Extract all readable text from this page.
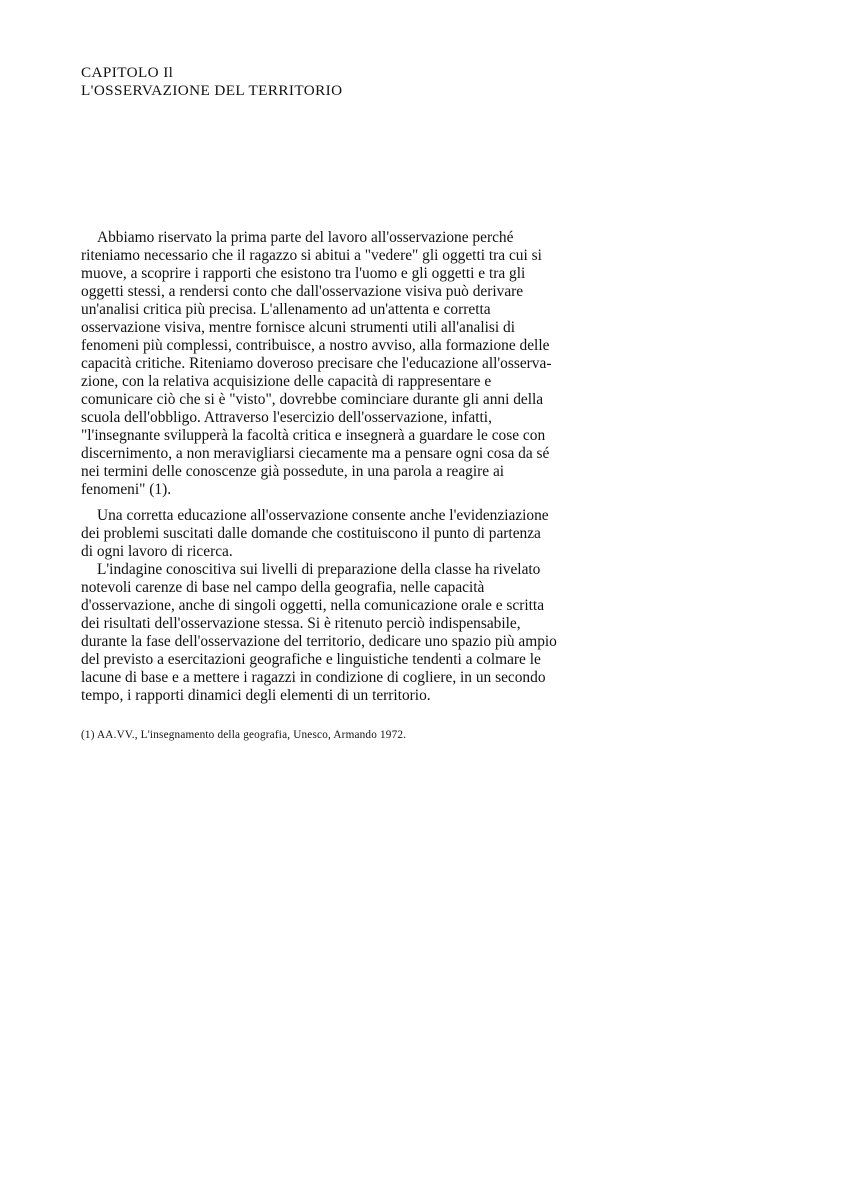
CAPITOLO Il
L'OSSERVAZIONE DEL TERRITORIO
Abbiamo riservato la prima parte del lavoro all'osservazione perché
riteniamo necessario che il ragazzo si abitui a "vedere" gli oggetti tra cui si
muove, a scoprire i rapporti che esistono tra l'uomo e gli oggetti e tra gli
oggetti stessi, a rendersi conto che dall'osservazione visiva può derivare
un'analisi critica più precisa. L'allenamento ad un'attenta e corretta
osservazione visiva, mentre fornisce alcuni strumenti utili all'analisi di
fenomeni più complessi, contribuisce, a nostro avviso, alla formazione delle
capacità critiche. Riteniamo doveroso precisare che l'educazione all'osserva-
zione, con la relativa acquisizione delle capacità di rappresentare e
comunicare ciò che si è "visto", dovrebbe cominciare durante gli anni della
scuola dell'obbligo. Attraverso l'esercizio dell'osservazione, infatti,
"l'insegnante svilupperà la facoltà critica e insegnerà a guardare le cose con
discernimento, a non meravigliarsi ciecamente ma a pensare ogni cosa da sé
nei termini delle conoscenze già possedute, in una parola a reagire ai
fenomeni" (1).
Una corretta educazione all'osservazione consente anche l'evidenziazione
dei problemi suscitati dalle domande che costituiscono il punto di partenza
di ogni lavoro di ricerca.
L'indagine conoscitiva sui livelli di preparazione della classe ha rivelato
notevoli carenze di base nel campo della geografia, nelle capacità
d'osservazione, anche di singoli oggetti, nella comunicazione orale e scritta
dei risultati dell'osservazione stessa. Si è ritenuto perciò indispensabile,
durante la fase dell'osservazione del territorio, dedicare uno spazio più ampio
del previsto a esercitazioni geografiche e linguistiche tendenti a colmare le
lacune di base e a mettere i ragazzi in condizione di cogliere, in un secondo
tempo, i rapporti dinamici degli elementi di un territorio.
(1) AA.VV., L'insegnamento della geografia, Unesco, Armando 1972.
